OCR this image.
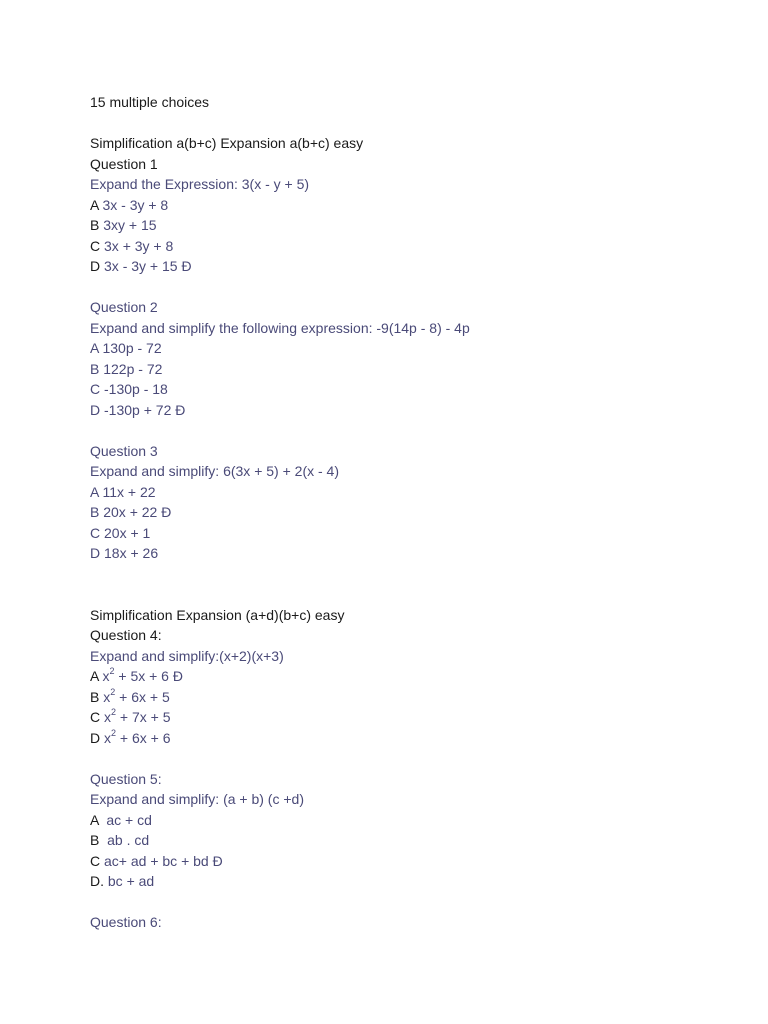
15 multiple choices
Simplification a(b+c) Expansion a(b+c) easy
Question 1
Expand the Expression: 3(x - y + 5)
A 3x - 3y + 8
B 3xy + 15
C 3x + 3y + 8
D 3x - 3y + 15 Ð
Question 2
Expand and simplify the following expression: -9(14p - 8) - 4p
A 130p - 72
B 122p - 72
C -130p - 18
D -130p + 72 Ð
Question 3
Expand and simplify: 6(3x + 5) + 2(x - 4)
A 11x + 22
B 20x + 22 Ð
C 20x + 1
D 18x + 26
Simplification Expansion (a+d)(b+c) easy
Question 4:
Expand and simplify:(x+2)(x+3)
A $x^2 + 5x + 6$ Ð
B $x^2 + 6x + 5$
C $x^2 + 7x + 5$
D $x^2 + 6x + 6$
Question 5:
Expand and simplify: (a + b) (c +d)
A  ac + cd
B  ab . cd
C ac+ ad + bc + bd Ð
D. bc + ad
Question 6:
